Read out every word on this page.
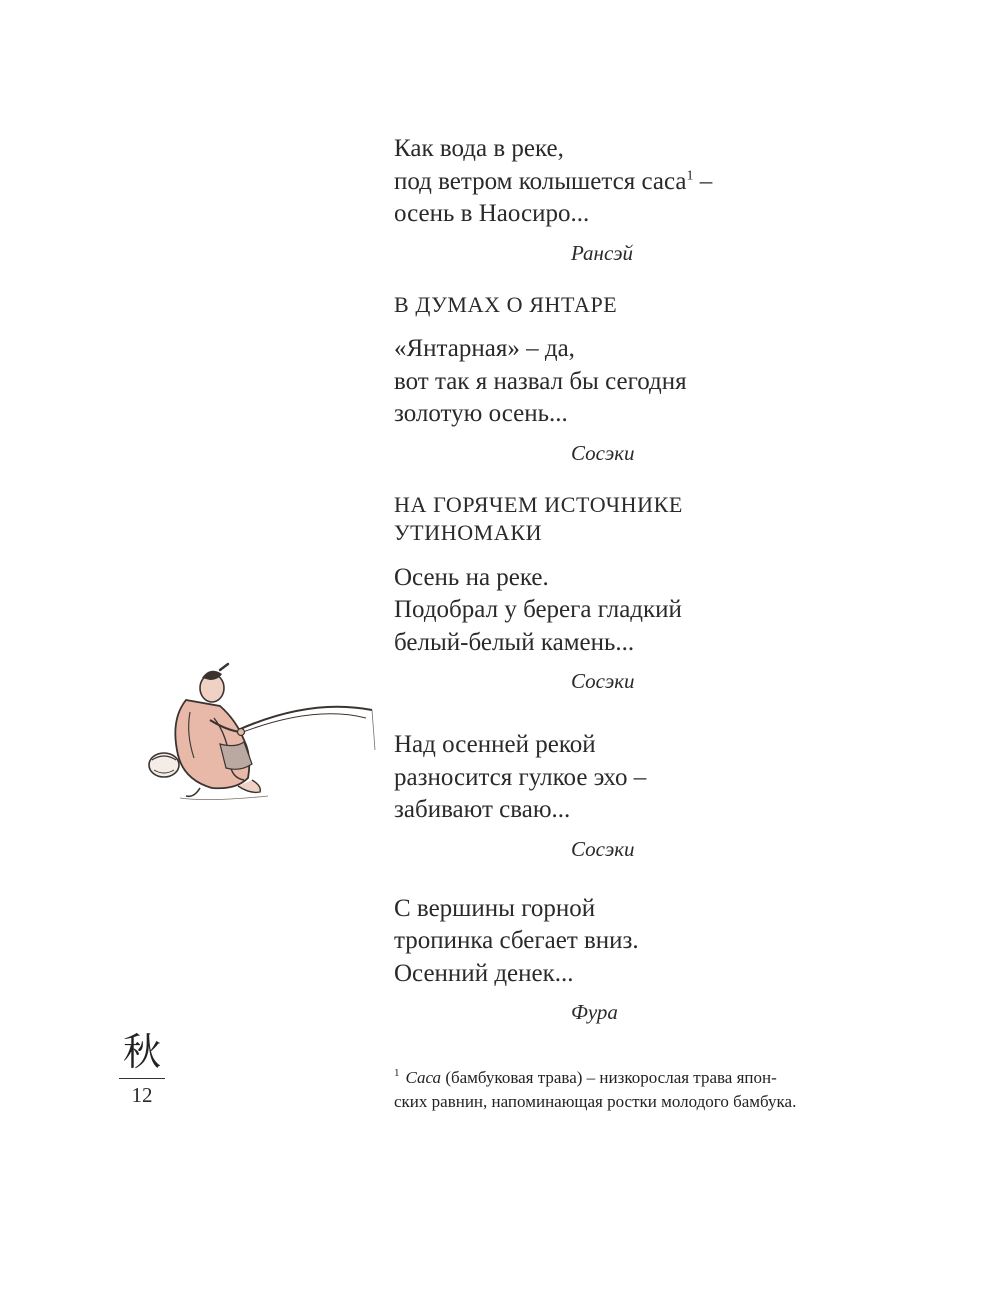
Как вода в реке,
под ветром колышется саса$^1$ –
осень в Наосиро...
Рансэй
В ДУМАХ О ЯНТАРЕ
«Янтарная» – да,
вот так я назвал бы сегодня
золотую осень...
Сосэки
НА ГОРЯЧЕМ ИСТОЧНИКЕ
УТИНОМАКИ
Осень на реке.
Подобрал у берега гладкий
белый-белый камень...
Сосэки
Над осенней рекой
разносится гулкое эхо –
забивают сваю...
Сосэки
С вершины горной
тропинка сбегает вниз.
Осенний денек...
Фура
秋
12
$^1$ Саса (бамбуковая трава) – низкорослая трава япон-
ских равнин, напоминающая ростки молодого бамбука.
